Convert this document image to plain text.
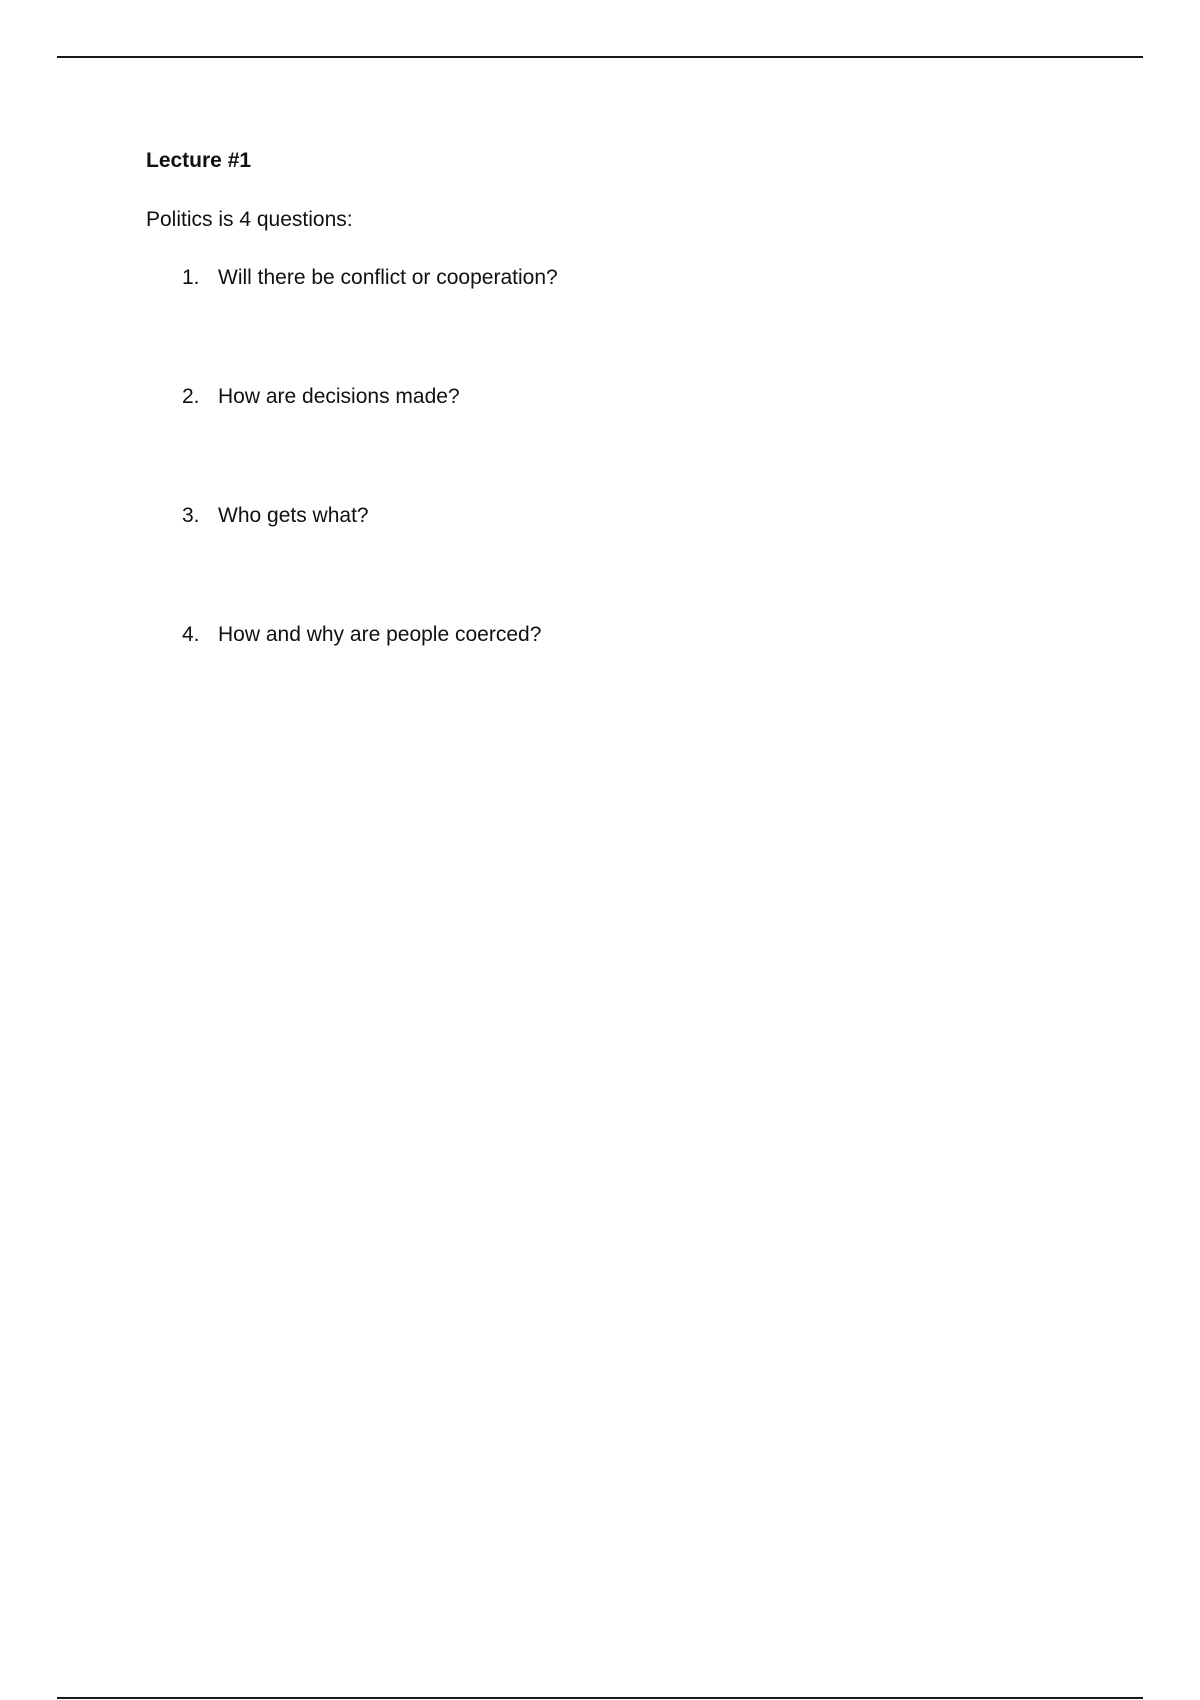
Lecture #1

Politics is 4 questions:

1. Will there be conflict or cooperation?
2. How are decisions made?
3. Who gets what?
4. How and why are people coerced?
